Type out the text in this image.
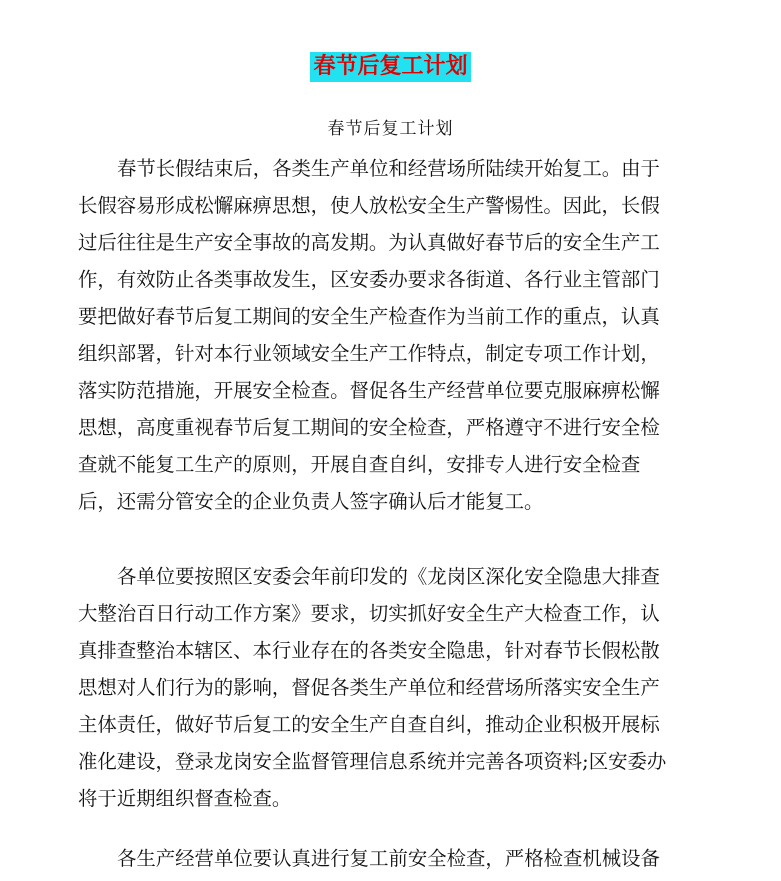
春节后复工计划
春节后复工计划
春节长假结束后，各类生产单位和经营场所陆续开始复工。由于
长假容易形成松懈麻痹思想，使人放松安全生产警惕性。因此，长假
过后往往是生产安全事故的高发期。为认真做好春节后的安全生产工
作，有效防止各类事故发生，区安委办要求各街道、各行业主管部门
要把做好春节后复工期间的安全生产检查作为当前工作的重点，认真
组织部署，针对本行业领域安全生产工作特点，制定专项工作计划，
落实防范措施，开展安全检查。督促各生产经营单位要克服麻痹松懈
思想，高度重视春节后复工期间的安全检查，严格遵守不进行安全检
查就不能复工生产的原则，开展自查自纠，安排专人进行安全检查
后，还需分管安全的企业负责人签字确认后才能复工。
各单位要按照区安委会年前印发的《龙岗区深化安全隐患大排查
大整治百日行动工作方案》要求，切实抓好安全生产大检查工作，认
真排查整治本辖区、本行业存在的各类安全隐患，针对春节长假松散
思想对人们行为的影响，督促各类生产单位和经营场所落实安全生产
主体责任，做好节后复工的安全生产自查自纠，推动企业积极开展标
准化建设，登录龙岗安全监督管理信息系统并完善各项资料;区安委办
将于近期组织督查检查。
各生产经营单位要认真进行复工前安全检查，严格检查机械设备
